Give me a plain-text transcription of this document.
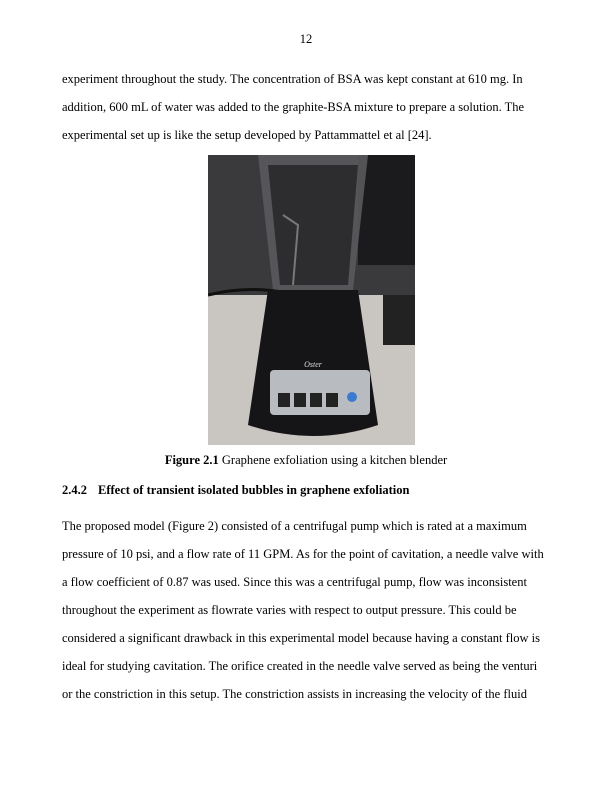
12
experiment throughout the study. The concentration of BSA was kept constant at 610 mg. In
addition, 600 mL of water was added to the graphite-BSA mixture to prepare a solution. The
experimental set up is like the setup developed by Pattammattel et al [24].
Oster
Figure 2.1 Graphene exfoliation using a kitchen blender
2.4.2 Effect of transient isolated bubbles in graphene exfoliation
The proposed model (Figure 2) consisted of a centrifugal pump which is rated at a maximum
pressure of 10 psi, and a flow rate of 11 GPM. As for the point of cavitation, a needle valve with
a flow coefficient of 0.87 was used. Since this was a centrifugal pump, flow was inconsistent
throughout the experiment as flowrate varies with respect to output pressure. This could be
considered a significant drawback in this experimental model because having a constant flow is
ideal for studying cavitation. The orifice created in the needle valve served as being the venturi
or the constriction in this setup. The constriction assists in increasing the velocity of the fluid
